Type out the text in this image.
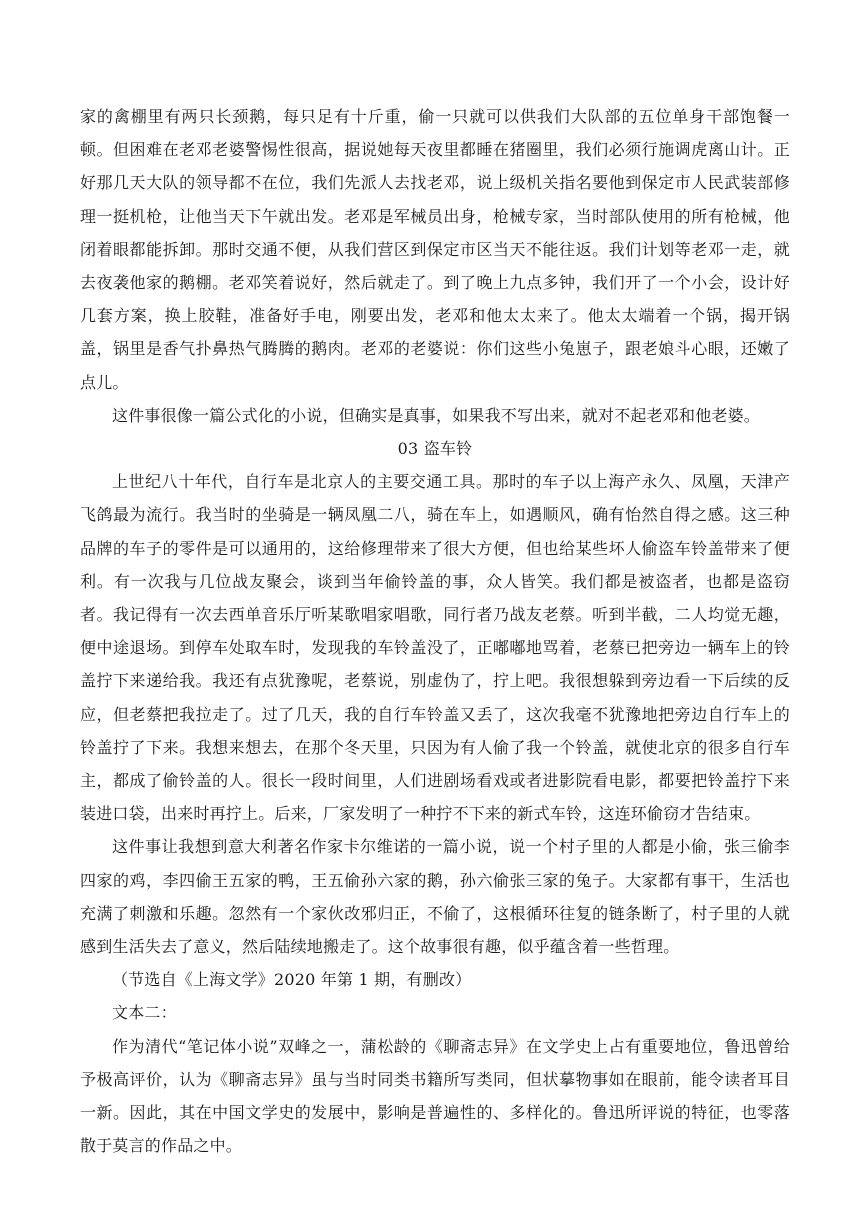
家的禽棚里有两只长颈鹅，每只足有十斤重，偷一只就可以供我们大队部的五位单身干部饱餐一顿。但困难在老邓老婆警惕性很高，据说她每天夜里都睡在猪圈里，我们必须行施调虎离山计。正好那几天大队的领导都不在位，我们先派人去找老邓，说上级机关指名要他到保定市人民武装部修理一挺机枪，让他当天下午就出发。老邓是军械员出身，枪械专家，当时部队使用的所有枪械，他闭着眼都能拆卸。那时交通不便，从我们营区到保定市区当天不能往返。我们计划等老邓一走，就去夜袭他家的鹅棚。老邓笑着说好，然后就走了。到了晚上九点多钟，我们开了一个小会，设计好几套方案，换上胶鞋，准备好手电，刚要出发，老邓和他太太来了。他太太端着一个锅，揭开锅盖，锅里是香气扑鼻热气腾腾的鹅肉。老邓的老婆说：你们这些小兔崽子，跟老娘斗心眼，还嫩了点儿。

这件事很像一篇公式化的小说，但确实是真事，如果我不写出来，就对不起老邓和他老婆。

03 盗车铃

上世纪八十年代，自行车是北京人的主要交通工具。那时的车子以上海产永久、凤凰，天津产飞鸽最为流行。我当时的坐骑是一辆凤凰二八，骑在车上，如遇顺风，确有怡然自得之感。这三种品牌的车子的零件是可以通用的，这给修理带来了很大方便，但也给某些坏人偷盗车铃盖带来了便利。有一次我与几位战友聚会，谈到当年偷铃盖的事，众人皆笑。我们都是被盗者，也都是盗窃者。我记得有一次去西单音乐厅听某歌唱家唱歌，同行者乃战友老蔡。听到半截，二人均觉无趣，便中途退场。到停车处取车时，发现我的车铃盖没了，正嘟嘟地骂着，老蔡已把旁边一辆车上的铃盖拧下来递给我。我还有点犹豫呢，老蔡说，别虚伪了，拧上吧。我很想躲到旁边看一下后续的反应，但老蔡把我拉走了。过了几天，我的自行车铃盖又丢了，这次我毫不犹豫地把旁边自行车上的铃盖拧了下来。我想来想去，在那个冬天里，只因为有人偷了我一个铃盖，就使北京的很多自行车主，都成了偷铃盖的人。很长一段时间里，人们进剧场看戏或者进影院看电影，都要把铃盖拧下来装进口袋，出来时再拧上。后来，厂家发明了一种拧不下来的新式车铃，这连环偷窃才告结束。

这件事让我想到意大利著名作家卡尔维诺的一篇小说，说一个村子里的人都是小偷，张三偷李四家的鸡，李四偷王五家的鸭，王五偷孙六家的鹅，孙六偷张三家的兔子。大家都有事干，生活也充满了刺激和乐趣。忽然有一个家伙改邪归正，不偷了，这根循环往复的链条断了，村子里的人就感到生活失去了意义，然后陆续地搬走了。这个故事很有趣，似乎蕴含着一些哲理。

（节选自《上海文学》2020 年第 1 期，有删改）

文本二：

作为清代“笔记体小说”双峰之一，蒲松龄的《聊斋志异》在文学史上占有重要地位，鲁迅曾给予极高评价，认为《聊斋志异》虽与当时同类书籍所写类同，但状摹物事如在眼前，能令读者耳目一新。因此，其在中国文学史的发展中，影响是普遍性的、多样化的。鲁迅所评说的特征，也零落散于莫言的作品之中。
